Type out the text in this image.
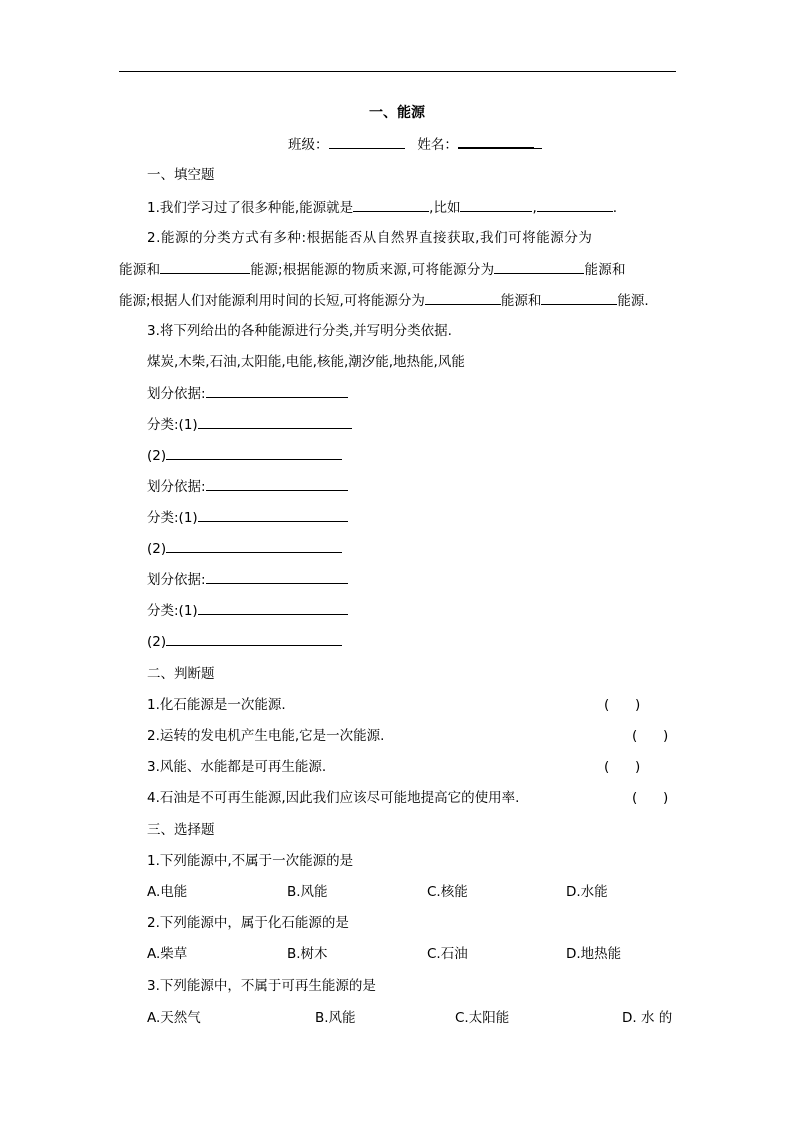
一、能源
班级：	姓名：
一、填空题
1.我们学习过了很多种能,能源就是	,比如	,	.
2.能源的分类方式有多种:根据能否从自然界直接获取,我们可将能源分为
能源和	能源;根据能源的物质来源,可将能源分为	能源和
能源;根据人们对能源利用时间的长短,可将能源分为	能源和	能源.
3.将下列给出的各种能源进行分类,并写明分类依据.
煤炭,木柴,石油,太阳能,电能,核能,潮汐能,地热能,风能
划分依据:
分类:(1)
(2)
划分依据:
分类:(1)
(2)
划分依据:
分类:(1)
(2)
二、判断题
1.化石能源是一次能源.	(      )
2.运转的发电机产生电能,它是一次能源.	(      )
3.风能、水能都是可再生能源.	(      )
4.石油是不可再生能源,因此我们应该尽可能地提高它的使用率.	(      )
三、选择题
1.下列能源中,不属于一次能源的是
A.电能	B.风能	C.核能	D.水能
2.下列能源中，属于化石能源的是
A.柴草	B.树木	C.石油	D.地热能
3.下列能源中，不属于可再生能源的是
A.天然气	B.风能	C.太阳能	D. 水 的
